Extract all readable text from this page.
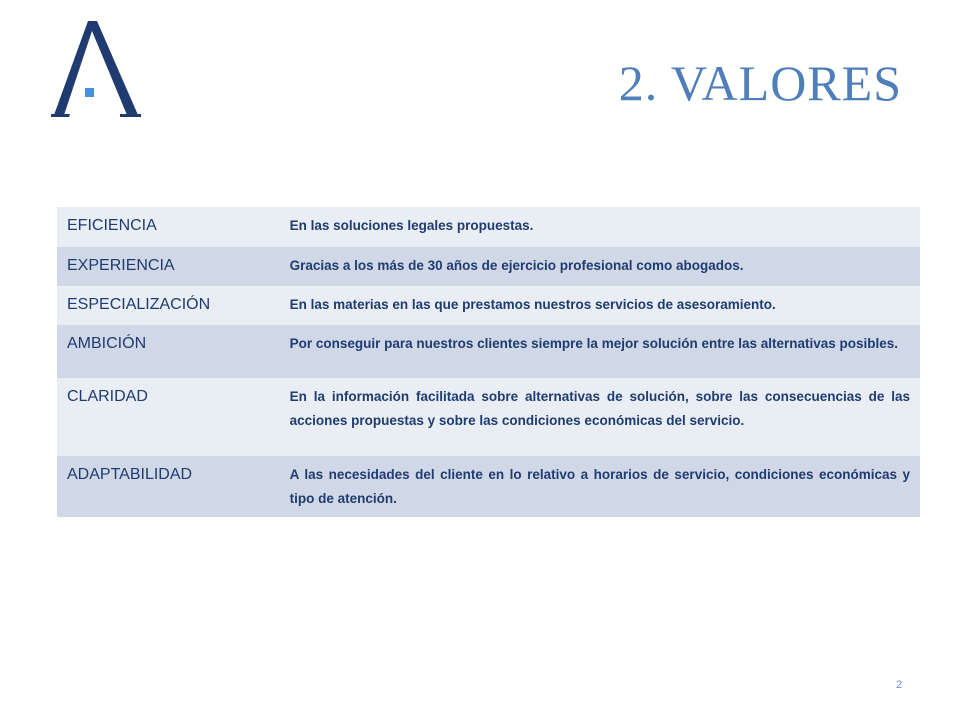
2. VALORES
EFICIENCIA	En las soluciones legales propuestas.
EXPERIENCIA	Gracias a los más de 30 años de ejercicio profesional como abogados.
ESPECIALIZACIÓN	En las materias en las que prestamos nuestros servicios de asesoramiento.
AMBICIÓN	Por conseguir para nuestros clientes siempre la mejor solución entre las alternativas posibles.
CLARIDAD	En la información facilitada sobre alternativas de solución, sobre las consecuencias de las acciones propuestas y sobre las condiciones económicas del servicio.
ADAPTABILIDAD	A las necesidades del cliente en lo relativo a horarios de servicio, condiciones económicas y tipo de atención.
2
